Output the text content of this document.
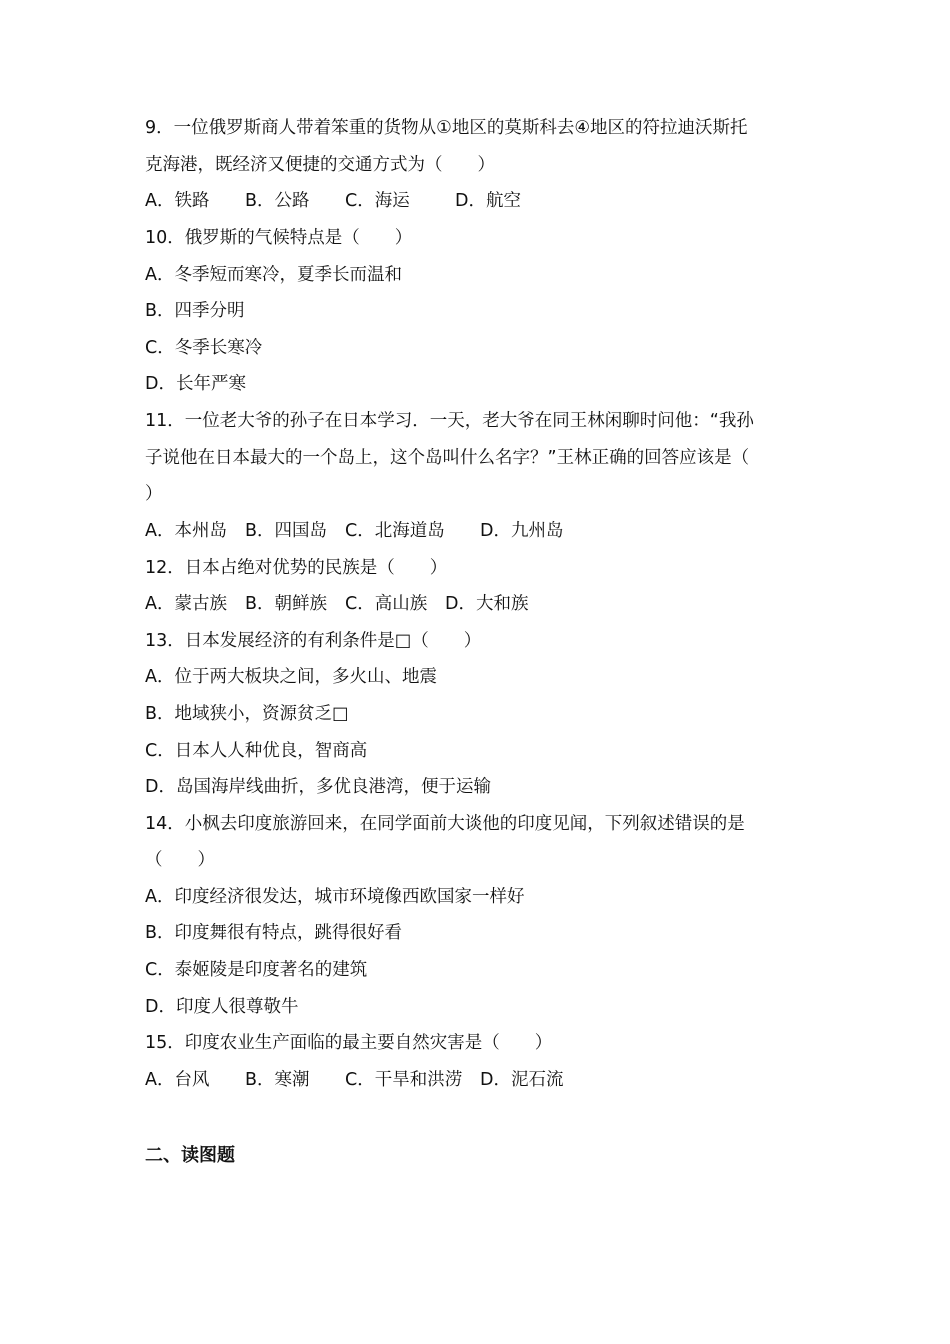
9．一位俄罗斯商人带着笨重的货物从①地区的莫斯科去④地区的符拉迪沃斯托
克海港，既经济又便捷的交通方式为（　　）
A．铁路 B．公路 C．海运	D．航空
10．俄罗斯的气候特点是（　　）
A．冬季短而寒冷，夏季长而温和
B．四季分明
C．冬季长寒冷
D．长年严寒
11．一位老大爷的孙子在日本学习．一天，老大爷在同王林闲聊时问他：“我孙
子说他在日本最大的一个岛上，这个岛叫什么名字？”王林正确的回答应该是（
）
A．本州岛 B．四国岛 C．北海道岛 D．九州岛
12．日本占绝对优势的民族是（　　）
A．蒙古族 B．朝鲜族 C．高山族 D．大和族
13．日本发展经济的有利条件是□（　　）
A．位于两大板块之间，多火山、地震
B．地域狭小，资源贫乏□
C．日本人人种优良，智商高
D．岛国海岸线曲折，多优良港湾，便于运输
14．小枫去印度旅游回来，在同学面前大谈他的印度见闻，下列叙述错误的是
（　　）
A．印度经济很发达，城市环境像西欧国家一样好
B．印度舞很有特点，跳得很好看
C．泰姬陵是印度著名的建筑
D．印度人很尊敬牛
15．印度农业生产面临的最主要自然灾害是（　　）
A．台风 B．寒潮 C．干旱和洪涝 D．泥石流
二、读图题
